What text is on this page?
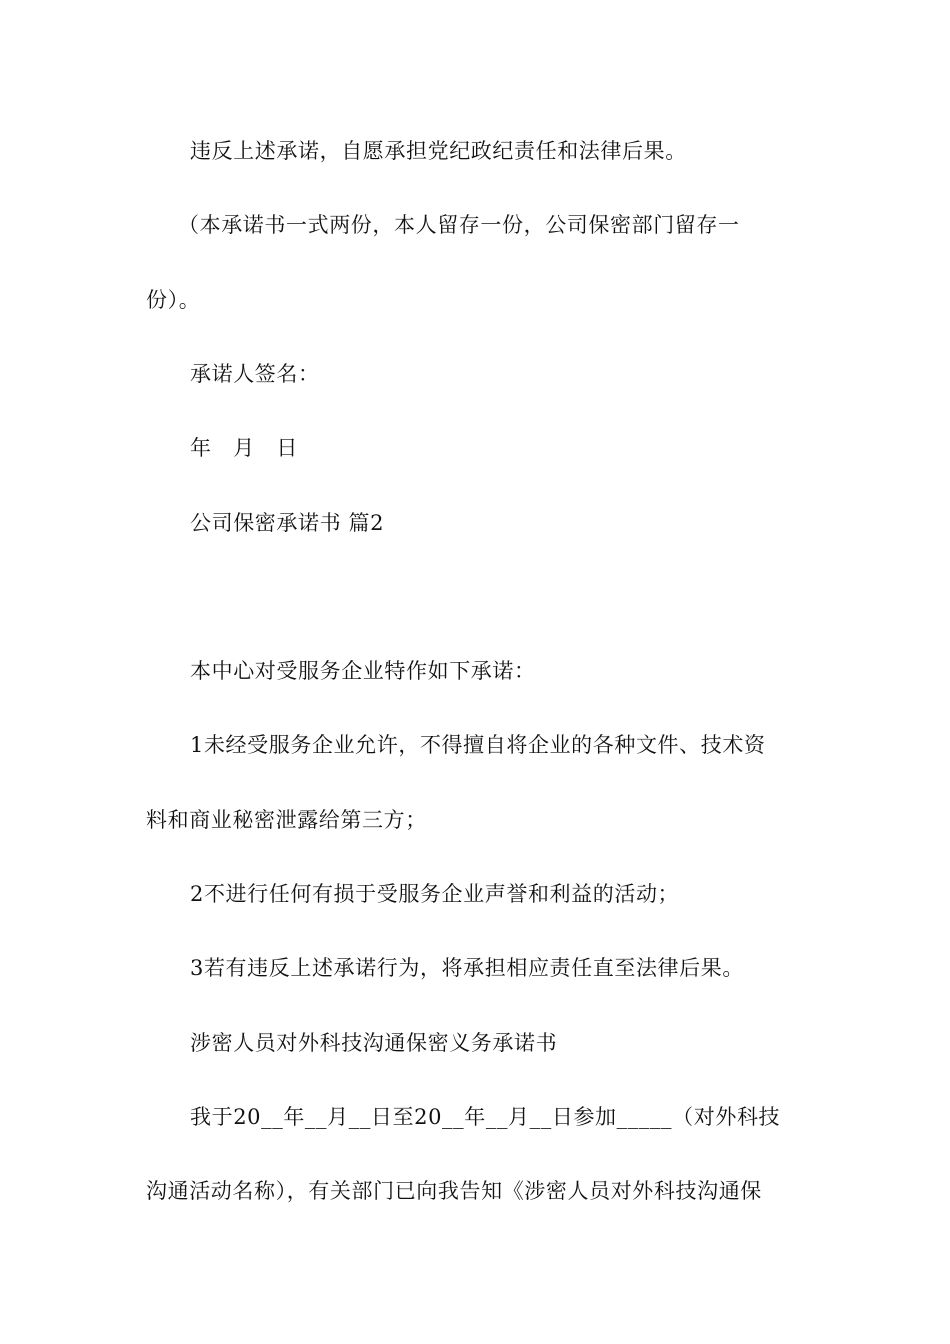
违反上述承诺，自愿承担党纪政纪责任和法律后果。
（本承诺书一式两份，本人留存一份，公司保密部门留存一
份）。
承诺人签名：
年　月　日
公司保密承诺书 篇2
本中心对受服务企业特作如下承诺：
1未经受服务企业允许，不得擅自将企业的各种文件、技术资
料和商业秘密泄露给第三方；
2不进行任何有损于受服务企业声誉和利益的活动；
3若有违反上述承诺行为，将承担相应责任直至法律后果。
涉密人员对外科技沟通保密义务承诺书
我于20__年__月__日至20__年__月__日参加_____（对外科技
沟通活动名称），有关部门已向我告知《涉密人员对外科技沟通保
